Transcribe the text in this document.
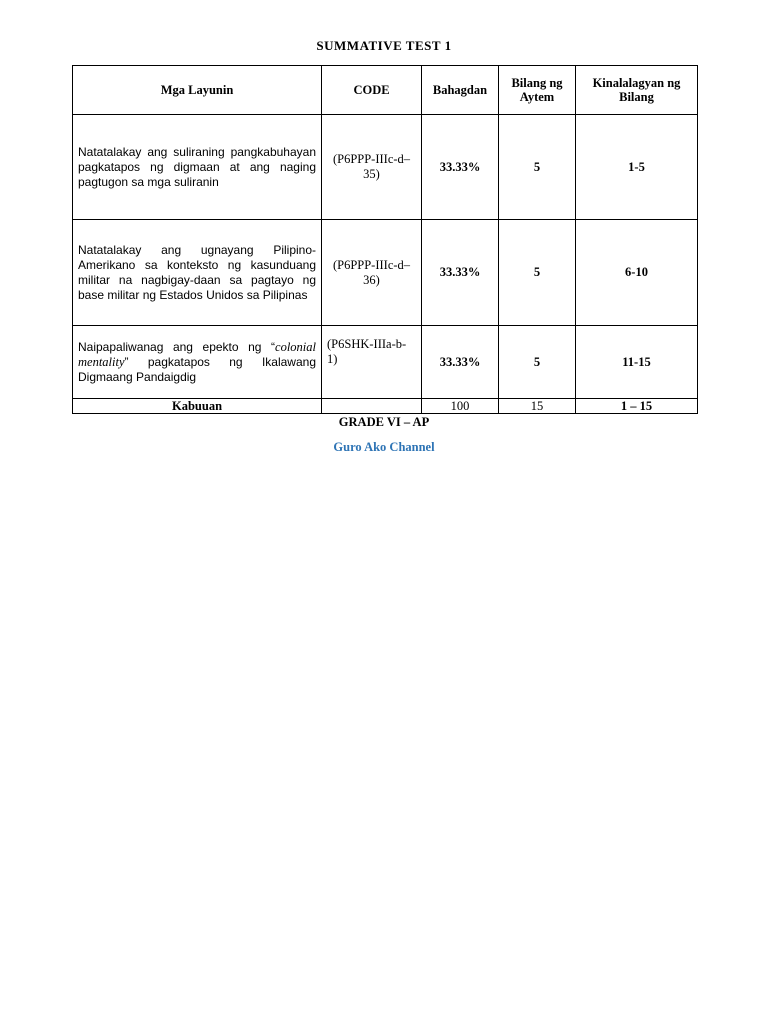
SUMMATIVE TEST 1
Mga Layunin	CODE	Bahagdan	Bilang ng Aytem	Kinalalagyan ng Bilang
Natatalakay ang suliraning pangkabuhayan pagkatapos ng digmaan at ang naging pagtugon sa mga suliranin	(P6PPP-IIIc-d–35)	33.33%	5	1-5
Natatalakay ang ugnayang Pilipino-Amerikano sa konteksto ng kasunduang militar na nagbigay-daan sa pagtayo ng base militar ng Estados Unidos sa Pilipinas	(P6PPP-IIIc-d–36)	33.33%	5	6-10
Naipapaliwanag ang epekto ng “colonial mentality” pagkatapos ng Ikalawang Digmaang Pandaigdig	(P6SHK-IIIa-b-1)	33.33%	5	11-15
Kabuuan		100	15	1 – 15
GRADE VI – AP
Guro Ako Channel
